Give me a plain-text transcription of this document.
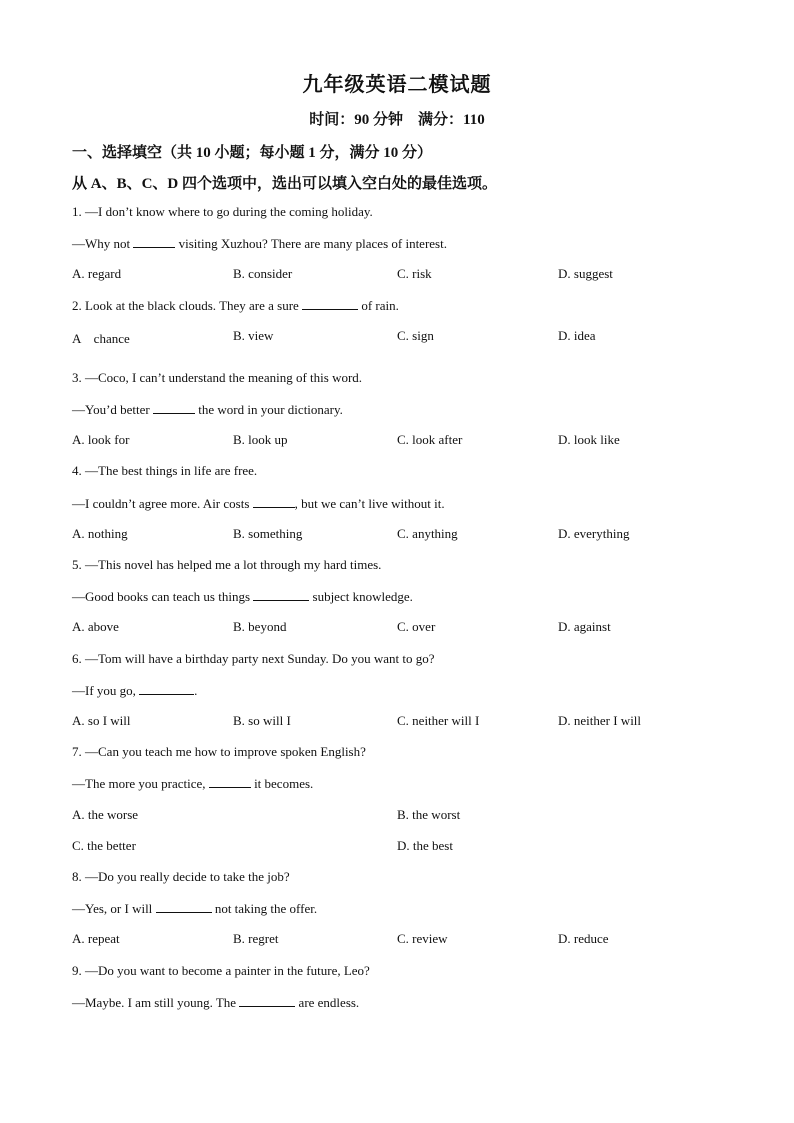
九年级英语二模试题
时间：90 分钟　满分：110
一、选择填空（共 10 小题；每小题 1 分，满分 10 分）
从 A、B、C、D 四个选项中，选出可以填入空白处的最佳选项。
1. —I don’t know where to go during the coming holiday.
—Why not	visiting Xuzhou? There are many places of interest.
A. regard	B. consider	C. risk	D. suggest
2. Look at the black clouds. They are a sure	of rain.
A　chance	B. view	C. sign	D. idea
3. —Coco, I can’t understand the meaning of this word.
—You’d better	the word in your dictionary.
A. look for	B. look up	C. look after	D. look like
4. —The best things in life are free.
—I couldn’t agree more. Air costs	, but we can’t live without it.
A. nothing	B. something	C. anything	D. everything
5. —This novel has helped me a lot through my hard times.
—Good books can teach us things	subject knowledge.
A. above	B. beyond	C. over	D. against
6. —Tom will have a birthday party next Sunday. Do you want to go?
—If you go,	.
A. so I will	B. so will I	C. neither will I	D. neither I will
7. —Can you teach me how to improve spoken English?
—The more you practice,	it becomes.
A. the worse	B. the worst
C. the better	D. the best
8. —Do you really decide to take the job?
—Yes, or I will	not taking the offer.
A. repeat	B. regret	C. review	D. reduce
9. —Do you want to become a painter in the future, Leo?
—Maybe. I am still young. The	are endless.
